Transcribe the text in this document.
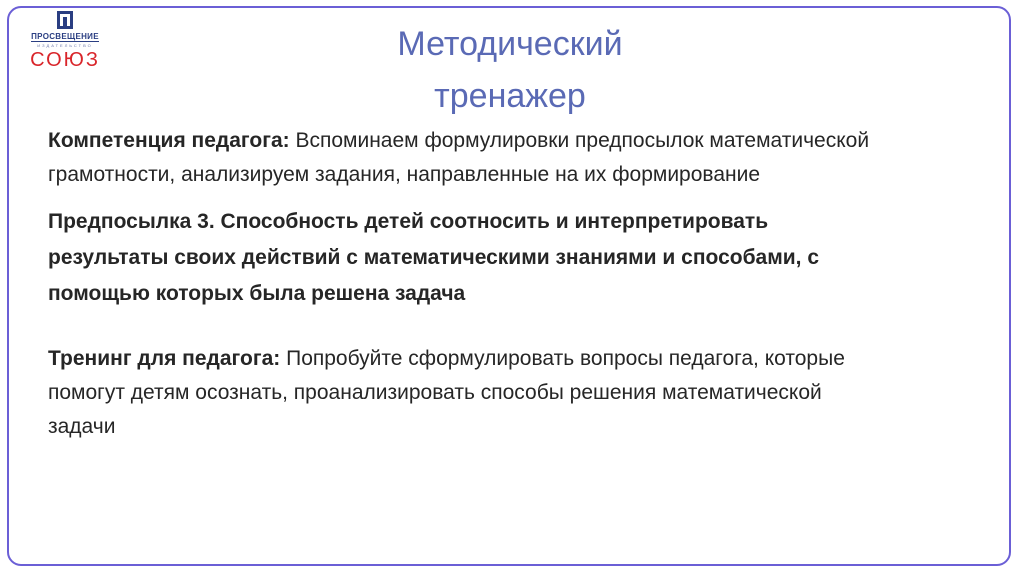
ПРОСВЕЩЕНИЕ
ИЗДАТЕЛЬСТВО
СОЮЗ	Методический
тренажер
Компетенция педагога: Вспоминаем формулировки предпосылок математической
грамотности, анализируем задания, направленные на их формирование
Предпосылка 3. Способность детей соотносить и интерпретировать
результаты своих действий с математическими знаниями и способами, с
помощью которых была решена задача
Тренинг для педагога: Попробуйте сформулировать вопросы педагога, которые
помогут детям осознать, проанализировать способы решения математической
задачи
